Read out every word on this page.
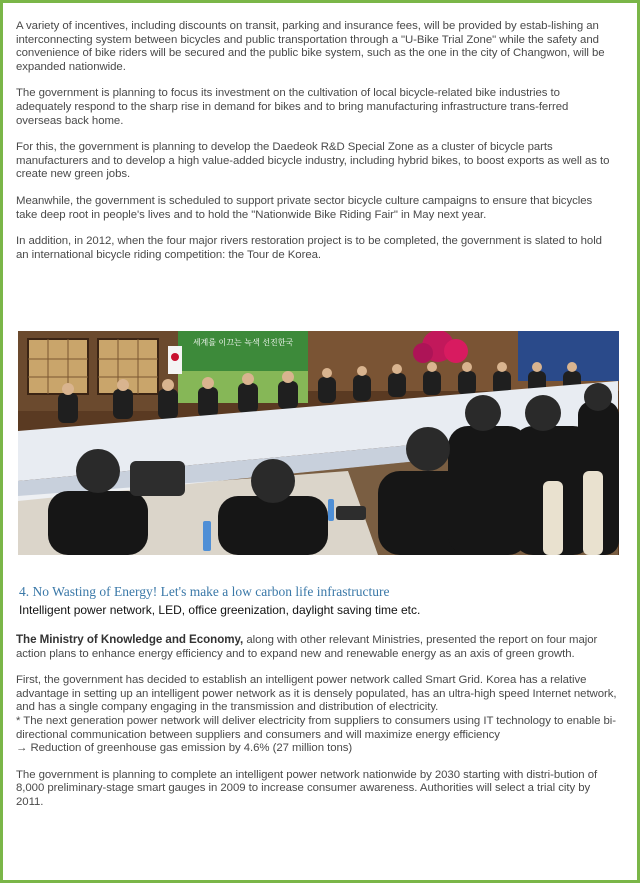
A variety of incentives, including discounts on transit, parking and insurance fees, will be provided by estab-lishing an interconnecting system between bicycles and public transportation through a "U-Bike Trial Zone" while the safety and convenience of bike riders will be secured and the public bike system, such as the one in the city of Changwon, will be expanded nationwide.

The government is planning to focus its investment on the cultivation of local bicycle-related bike industries to adequately respond to the sharp rise in demand for bikes and to bring manufacturing infrastructure trans-ferred overseas back home.

For this, the government is planning to develop the Daedeok R&D Special Zone as a cluster of bicycle parts manufacturers and to develop a high value-added bicycle industry, including hybrid bikes, to boost exports as well as to create new green jobs.

Meanwhile, the government is scheduled to support private sector bicycle culture campaigns to ensure that bicycles take deep root in people's lives and to hold the "Nationwide Bike Riding Fair" in May next year.

In addition, in 2012, when the four major rivers restoration project is to be completed, the government is slated to hold an international bicycle riding competition: the Tour de Korea.

세계를 이끄는 녹색 선진한국
4. No Wasting of Energy! Let's make a low carbon life infrastructure
Intelligent power network, LED, office greenization, daylight saving time etc.

The Ministry of Knowledge and Economy, along with other relevant Ministries, presented the report on four major action plans to enhance energy efficiency and to expand new and renewable energy as an axis of green growth.

First, the government has decided to establish an intelligent power network called Smart Grid. Korea has a relative advantage in setting up an intelligent power network as it is densely populated, has an ultra-high speed Internet network, and has a single company engaging in the transmission and distribution of electricity.
* The next generation power network will deliver electricity from suppliers to consumers using IT technology to enable bi-directional communication between suppliers and consumers and will maximize energy efficiency
→ Reduction of greenhouse gas emission by 4.6% (27 million tons)

The government is planning to complete an intelligent power network nationwide by 2030 starting with distri-bution of 8,000 preliminary-stage smart gauges in 2009 to increase consumer awareness. Authorities will select a trial city by 2011.
